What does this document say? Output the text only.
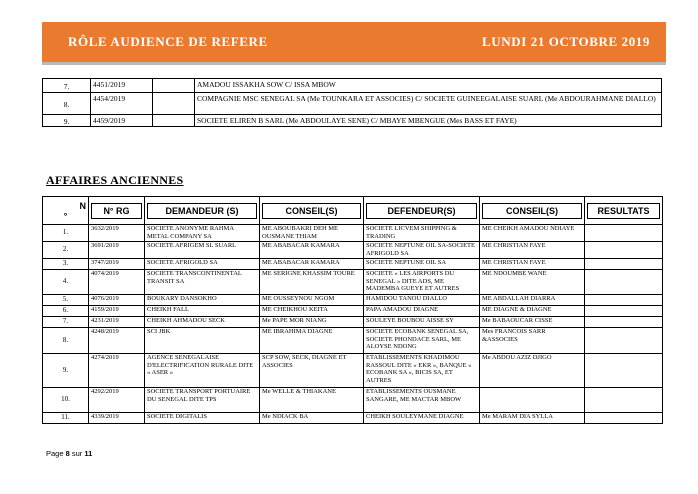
RÔLE AUDIENCE DE REFERE	LUNDI 21 OCTOBRE 2019
7.	4451/2019		AMADOU ISSAKHA SOW C/ ISSA MBOW
8.	4454/2019		COMPAGNIE MSC SENEGAL SA (Me TOUNKARA ET ASSOCIES) C/ SOCIETE GUINEEGALAISE SUARL (Me ABDOURAHMANE DIALLO)
9.	4459/2019		SOCIETE ELIREN B SARL (Me ABDOULAYE SENE) C/ MBAYE MBENGUE (Mes BASS ET FAYE)
AFFAIRES ANCIENNES
N
°	N° RG	DEMANDEUR (S)	CONSEIL(S)	DEFENDEUR(S)	CONSEIL(S)	RESULTATS

1.	3632/2019	SOCIETE ANONYME RAHMA METAL COMPANY SA	ME ABOUBAKRI DEH ME OUSMANE THIAM	SOCIETE LICVEM SHIPPING & TRADING	ME CHEIKH AMADOU NDIAYE	
2.	3691/2019	SOCIETE AFRIGEM SL SUARL	ME ABABACAR KAMARA	SOCIETE NEPTUNE OIL SA-SOCIETE AFRIGOLD SA	ME CHRISTIAN FAYE	
3.	3747/2019	SOCIETE AFRIGOLD SA	ME ABABACAR KAMARA	SOCIETE NEPTUNE OIL SA	ME CHRISTIAN FAYE	
4.	4074/2019	SOCIETE TRANSCONTINENTAL TRANSIT SA	ME SERIGNE KHASSIM TOURE	SOCIETE « LES AIRPORTS DU SENEGAL » DITE ADS, ME MADEMBA GUEYE ET AUTRES	ME NDOUMBE WANE	
5.	4076/2019	BOUKARY DANSOKHO	ME OUSSEYNOU NGOM	HAMIDOU TANOU DIALLO	ME ABDALLAH DIARRA	
6.	4159/2019	CHEIKH FALL	ME CHEIKHOU KEITA	PAPA AMADOU DIAGNE	ME DIAGNE & DIAGNE	
7.	4231/2019	CHEIKH AHMADOU SECK	Me PAPE MOR NIANG	SOULEYE BOUBOU AISSE SY	Me BABAOUCAR CISSE	
8.	4248/2019	SCI JBK	ME IBRAHIMA DIAGNE	SOCIETE ECOBANK SENEGAL SA, SOCIETE PHONDACE SARL, ME ALOYSE NDONG	Mes FRANCOIS SARR &ASSOCIES	
9.	4274/2019	AGENCE SENEGALAISE D'ELECTRIFICATION RURALE DITE « ASER »	SCP SOW, SECK, DIAGNE ET ASSOCIES	ETABLISSEMENTS KHADIMOU RASSOUL DITE « EKR », BANQUE « ECOBANK SA », BICIS SA, ET AUTRES	Me ABDOU AZIZ DJIGO	
10.	4292/2019	SOCIETE TRANSPORT PORTUAIRE DU SENEGAL DITE TPS	Me WELLE & THIAKANE	ETABLISSEMENTS OUSMANE SANGARE, ME MACTAR MBOW		
11.	4339/2019	SOCIETE DIGITALIS	Me NDIACK BA	CHEIKH SOULEYMANE DIAGNE	Me MARAM DIA SYLLA	
Page 8 sur 11
